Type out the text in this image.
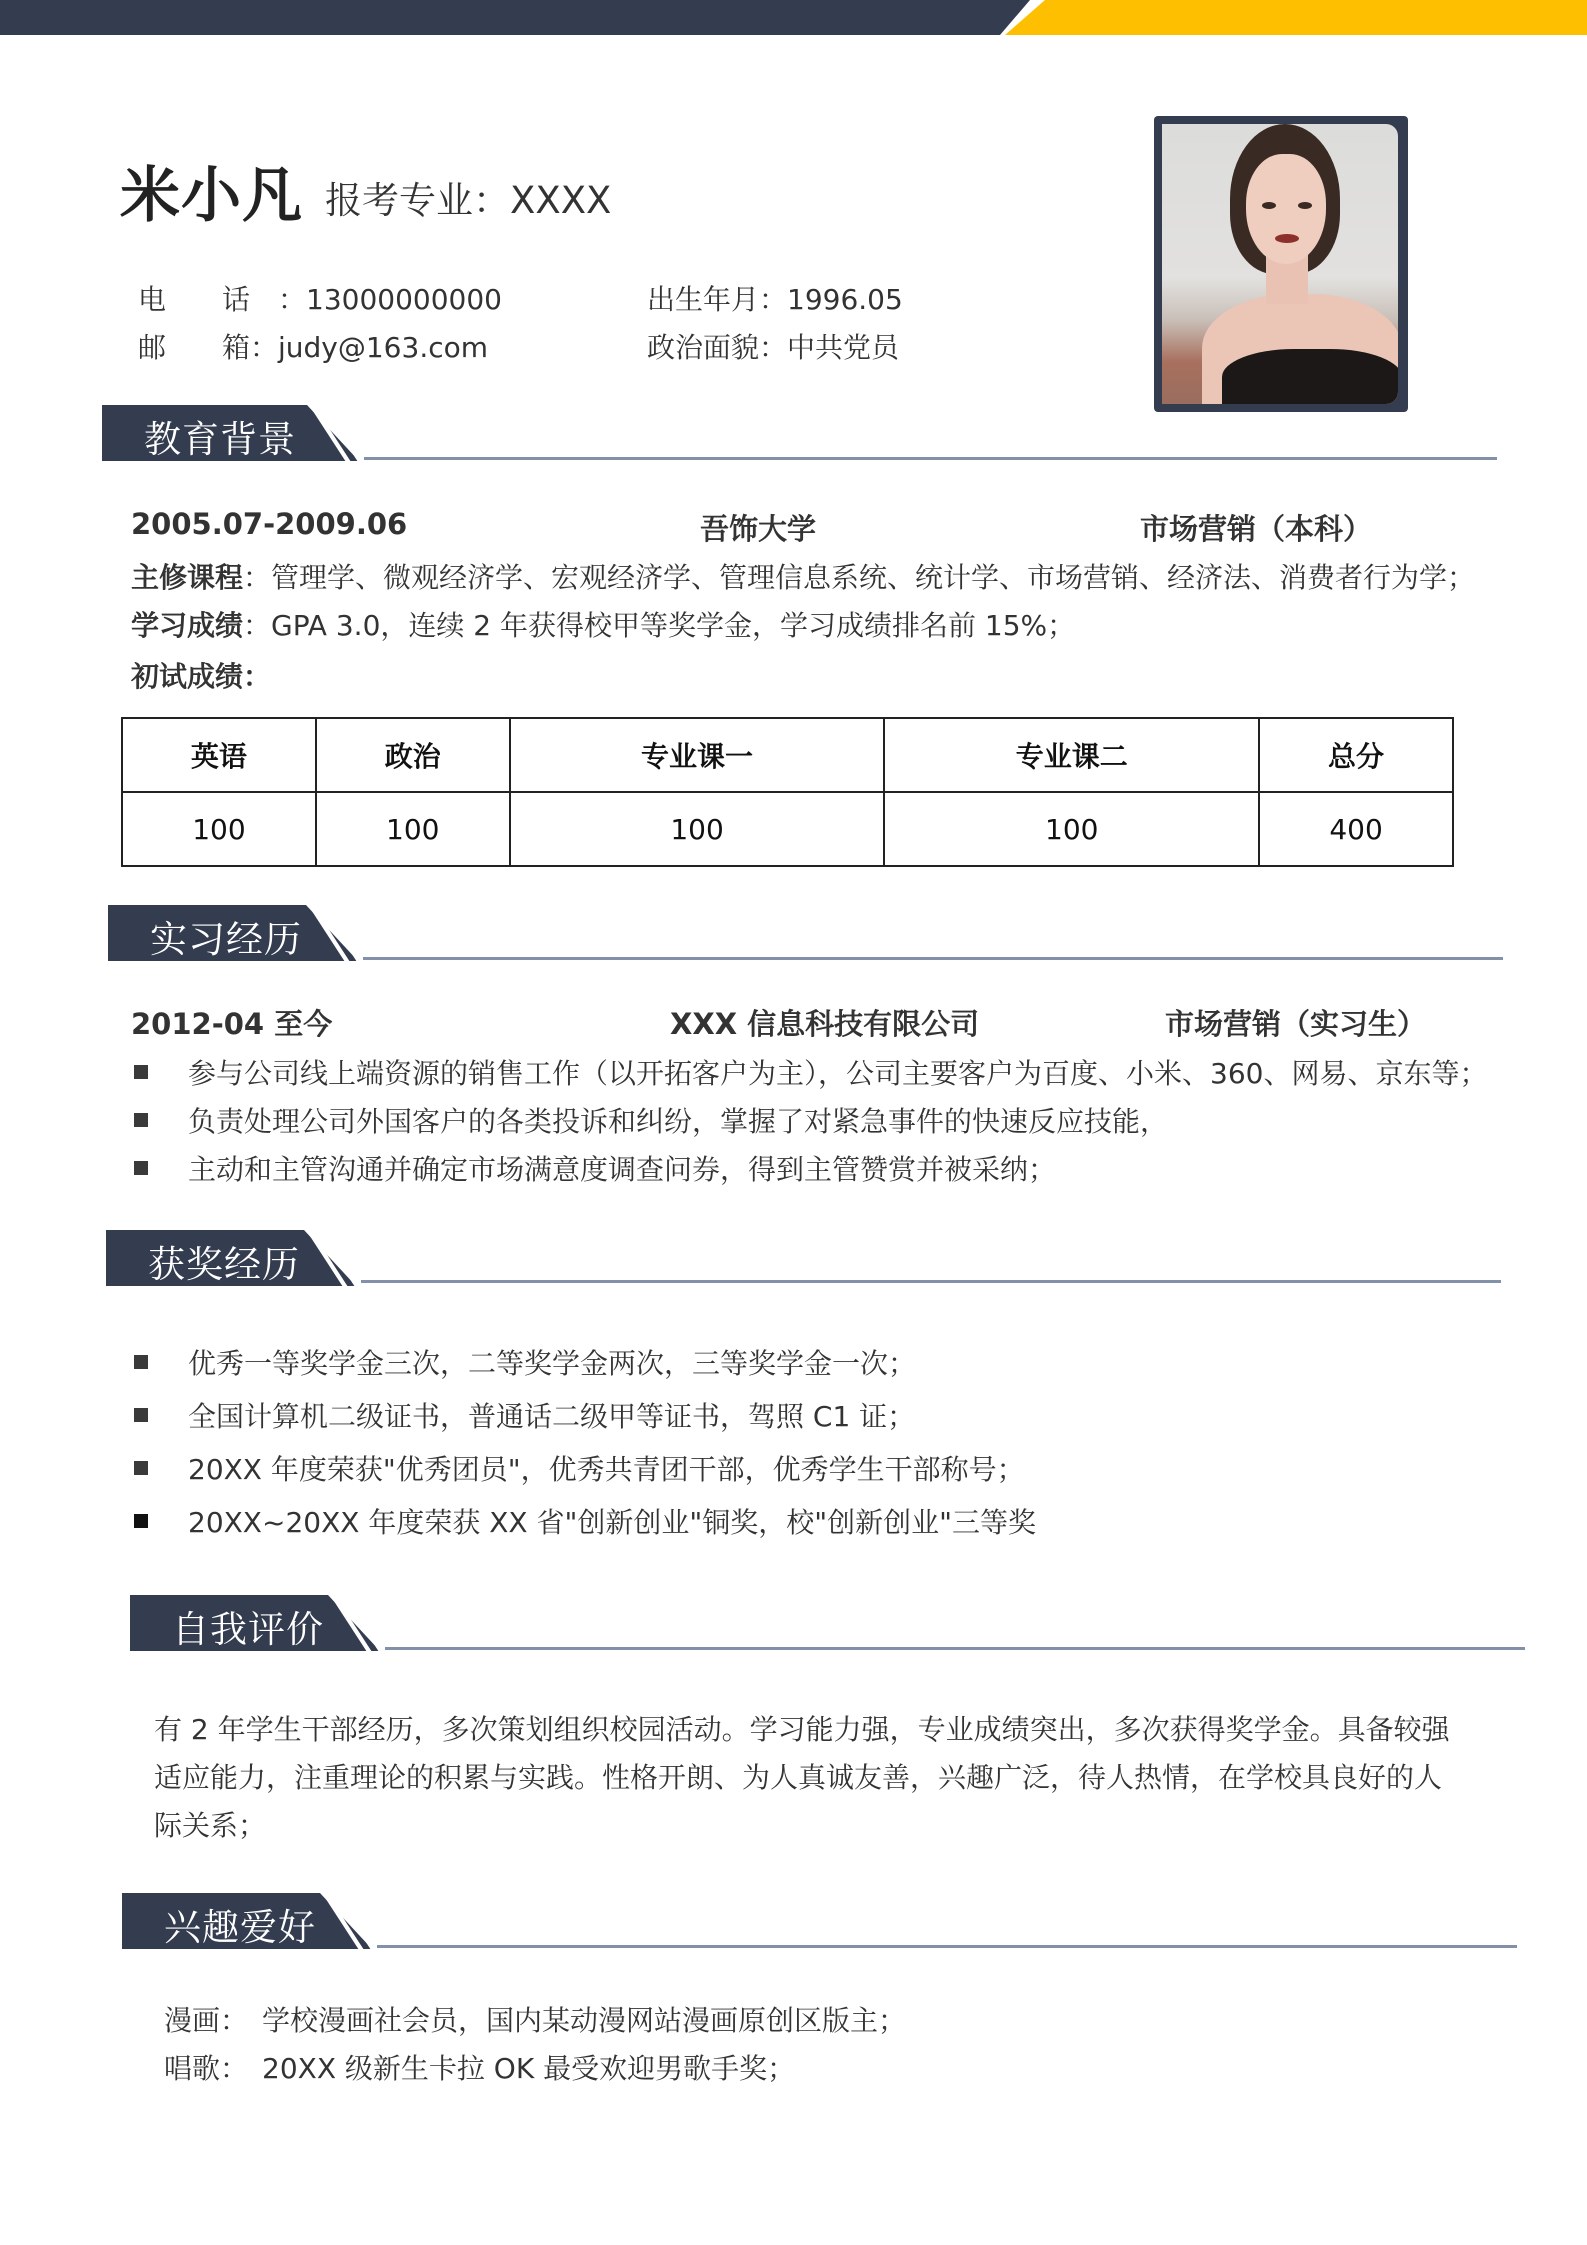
米小凡 报考专业：XXXX
电　　话　：13000000000
邮　　箱：judy@163.com
出生年月：1996.05
政治面貌：中共党员
教育背景
2005.07-2009.06	吾饰大学	市场营销（本科）
主修课程：管理学、微观经济学、宏观经济学、管理信息系统、统计学、市场营销、经济法、消费者行为学；
学习成绩：GPA 3.0，连续 2 年获得校甲等奖学金，学习成绩排名前 15%；
初试成绩：
英语	政治	专业课一	专业课二	总分
100	100	100	100	400
实习经历
2012-04 至今	XXX 信息科技有限公司	市场营销（实习生）
参与公司线上端资源的销售工作（以开拓客户为主），公司主要客户为百度、小米、360、网易、京东等；
负责处理公司外国客户的各类投诉和纠纷，掌握了对紧急事件的快速反应技能，
主动和主管沟通并确定市场满意度调查问券，得到主管赞赏并被采纳；
获奖经历
优秀一等奖学金三次，二等奖学金两次，三等奖学金一次；
全国计算机二级证书，普通话二级甲等证书，驾照 C1 证；
20XX 年度荣获"优秀团员"，优秀共青团干部，优秀学生干部称号；
20XX~20XX 年度荣获 XX 省"创新创业"铜奖，校"创新创业"三等奖
自我评价
有 2 年学生干部经历，多次策划组织校园活动。学习能力强，专业成绩突出，多次获得奖学金。具备较强适应能力，注重理论的积累与实践。性格开朗、为人真诚友善，兴趣广泛，待人热情，在学校具良好的人际关系；
兴趣爱好
漫画： 学校漫画社会员，国内某动漫网站漫画原创区版主；
唱歌： 20XX 级新生卡拉 OK 最受欢迎男歌手奖；
